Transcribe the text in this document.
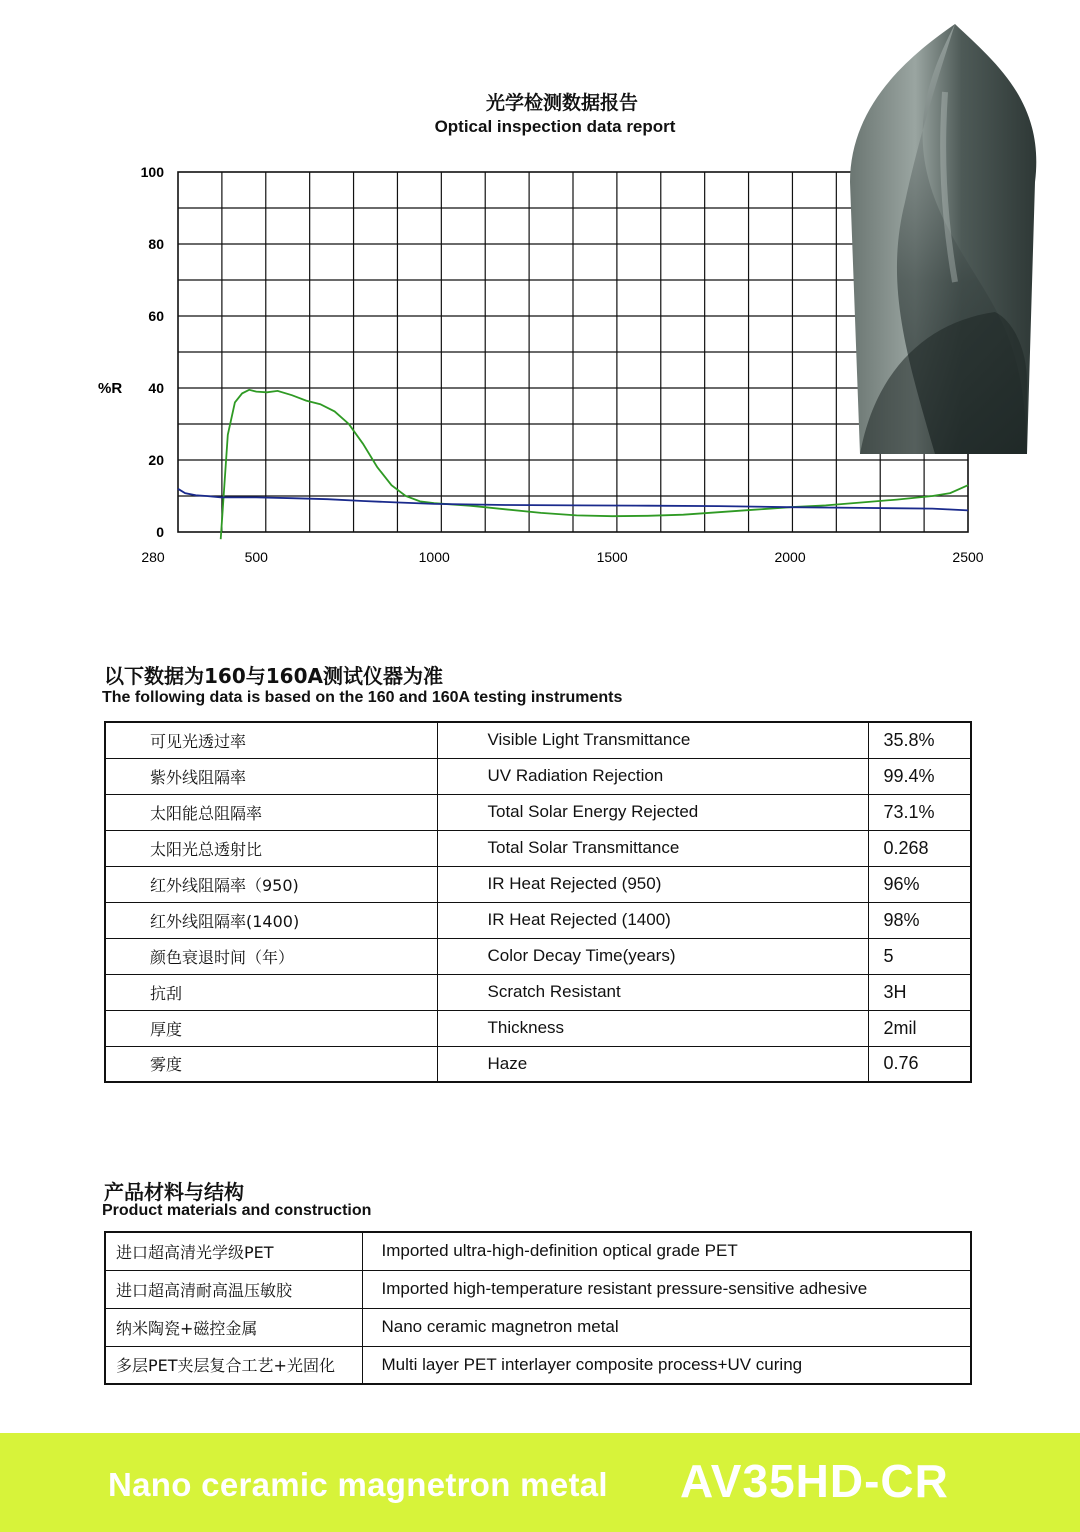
光学检测数据报告
Optical inspection data report
100
80
60
40
20
0
280	500	1000	1500	2000	2500
%R
以下数据为160与160A测试仪器为准
The following data is based on the 160 and 160A testing instruments
可见光透过率	Visible Light Transmittance	35.8%
紫外线阻隔率	UV Radiation Rejection	99.4%
太阳能总阻隔率	Total Solar Energy Rejected	73.1%
太阳光总透射比	Total Solar Transmittance	0.268
红外线阻隔率（950)	IR Heat Rejected (950)	96%
红外线阻隔率(1400)	IR Heat Rejected (1400)	98%
颜色衰退时间（年）	Color Decay Time(years)	5
抗刮	Scratch Resistant	3H
厚度	Thickness	2mil
雾度	Haze	0.76
产品材料与结构
Product materials and construction
进口超高清光学级PET	Imported ultra-high-definition optical grade PET
进口超高清耐高温压敏胶	Imported high-temperature resistant pressure-sensitive adhesive
纳米陶瓷+磁控金属	Nano ceramic magnetron metal
多层PET夹层复合工艺+光固化	Multi layer PET interlayer composite process+UV curing
Nano ceramic magnetron metal AV35HD-CR
